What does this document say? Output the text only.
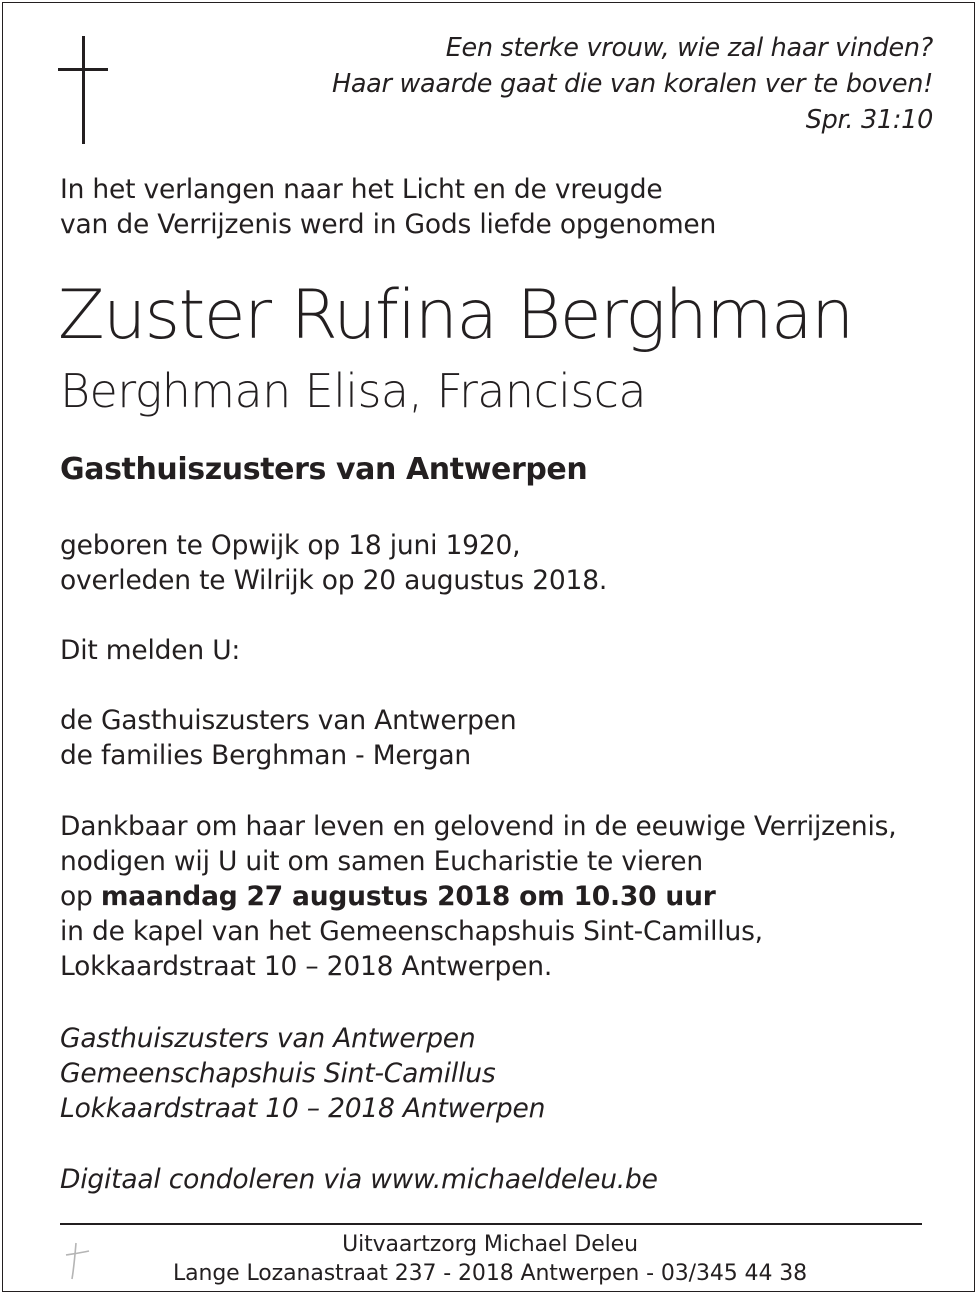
Een sterke vrouw, wie zal haar vinden?
Haar waarde gaat die van koralen ver te boven!
Spr. 31:10
In het verlangen naar het Licht en de vreugde
van de Verrijzenis werd in Gods liefde opgenomen
Zuster Rufina Berghman
Berghman Elisa, Francisca
Gasthuiszusters van Antwerpen
geboren te Opwijk op 18 juni 1920,
overleden te Wilrijk op 20 augustus 2018.
Dit melden U:
de Gasthuiszusters van Antwerpen
de families Berghman - Mergan
Dankbaar om haar leven en gelovend in de eeuwige Verrijzenis,
nodigen wij U uit om samen Eucharistie te vieren
op maandag 27 augustus 2018 om 10.30 uur
in de kapel van het Gemeenschapshuis Sint-Camillus,
Lokkaardstraat 10 – 2018 Antwerpen.
Gasthuiszusters van Antwerpen
Gemeenschapshuis Sint-Camillus
Lokkaardstraat 10 – 2018 Antwerpen
Digitaal condoleren via www.michaeldeleu.be
Uitvaartzorg Michael Deleu
Lange Lozanastraat 237 - 2018 Antwerpen - 03/345 44 38
